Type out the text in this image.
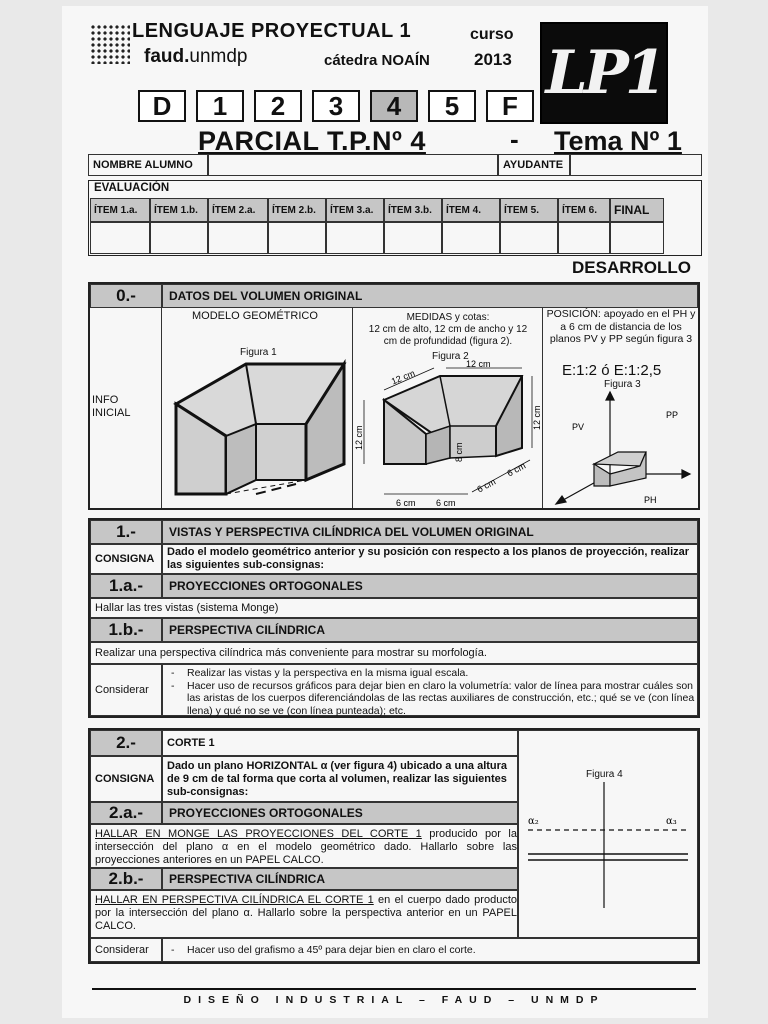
LENGUAJE PROYECTUAL 1
faud.unmdp	cátedra NOAÍN
curso
2013 LP1
D	1	2	3	4	5	F
PARCIAL T.P.Nº 4	- Tema Nº 1
NOMBRE ALUMNO	AYUDANTE
EVALUACIÓN
ÍTEM 1.a.	ÍTEM 1.b.	ÍTEM 2.a.	ÍTEM 2.b.	ÍTEM 3.a.	ÍTEM 3.b.	ÍTEM 4.	ÍTEM 5.	ÍTEM 6.	FINAL
DESARROLLO
0.-	DATOS DEL VOLUMEN ORIGINAL
INFO
INICIAL
MODELO GEOMÉTRICO
Figura 1
MEDIDAS y cotas:
12 cm de alto, 12 cm de ancho y 12
cm de profundidad (figura 2).
Figura 2
12 cm
12 cm
12 cm
12 cm
8 cm
6 cm 6 cm
6 cm
6 cm
POSICIÓN: apoyado en el PH y a 6 cm de distancia de los planos PV y PP según figura 3
E:1:2 ó E:1:2,5
Figura 3
PV
PP
PH
1.-	VISTAS Y PERSPECTIVA CILÍNDRICA DEL VOLUMEN ORIGINAL
CONSIGNA
Dado el modelo geométrico anterior y su posición con respecto a los planos de proyección, realizar las siguientes sub-consignas:
1.a.-	PROYECCIONES ORTOGONALES
Hallar las tres vistas (sistema Monge)
1.b.-	PERSPECTIVA CILÍNDRICA
Realizar una perspectiva cilíndrica más conveniente para mostrar su morfología.
Considerar
- Realizar las vistas y la perspectiva en la misma igual escala.
- Hacer uso de recursos gráficos para dejar bien en claro la volumetría: valor de línea para mostrar cuáles son las aristas de los cuerpos diferenciándolas de las rectas auxiliares de construcción, etc.; qué se ve (con línea llena) y qué no se ve (con línea punteada); etc.
2.-	CORTE 1
CONSIGNA
Dado un plano HORIZONTAL α (ver figura 4) ubicado a una altura de 9 cm de tal forma que corta al volumen, realizar las siguientes sub-consignas:
2.a.-	PROYECCIONES ORTOGONALES
HALLAR EN MONGE LAS PROYECCIONES DEL CORTE 1 producido por la intersección del plano α en el modelo geométrico dado. Hallarlo sobre las proyecciones anteriores en un PAPEL CALCO.
2.b.-	PERSPECTIVA CILÍNDRICA
HALLAR EN PERSPECTIVA CILÍNDRICA EL CORTE 1 en el cuerpo dado producto por la intersección del plano α. Hallarlo sobre la perspectiva anterior en un PAPEL CALCO.
Considerar
-	Hacer uso del grafismo a 45º para dejar bien en claro el corte.
Figura 4
α₂	α₃
DISEÑO INDUSTRIAL – FAUD – UNMDP
